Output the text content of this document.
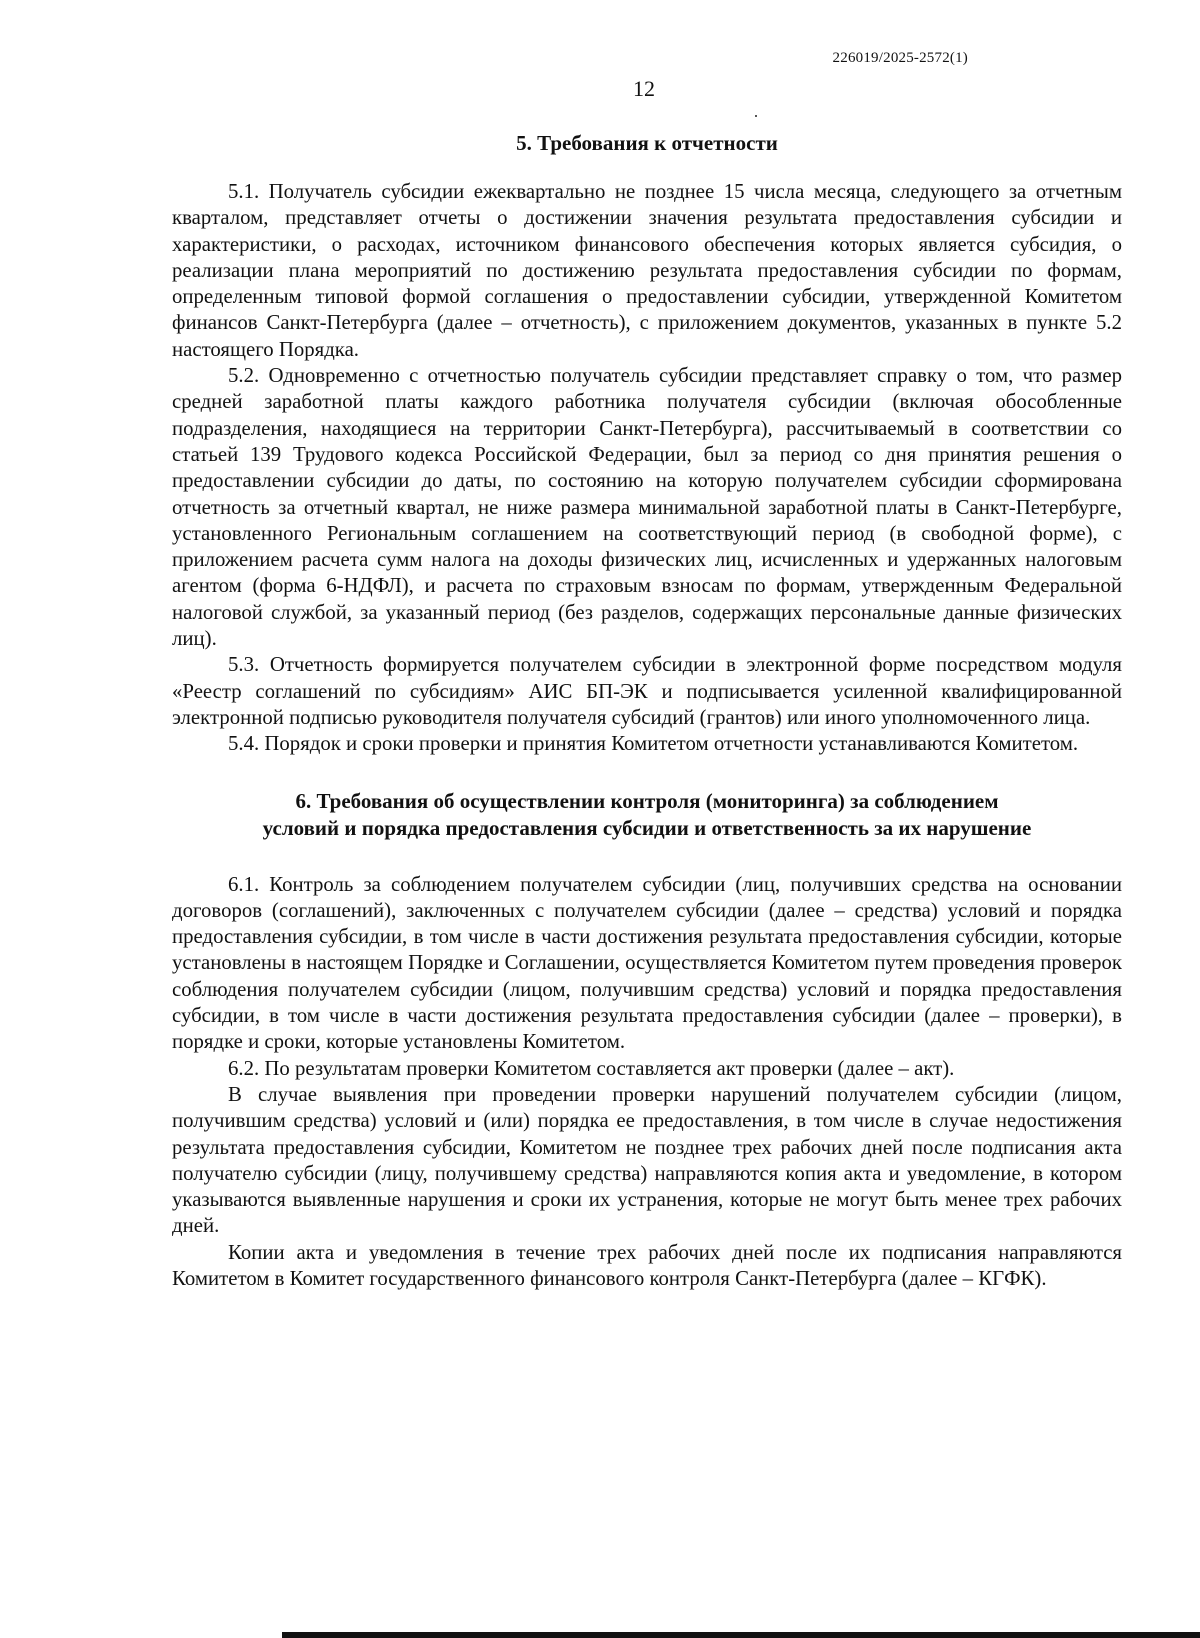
226019/2025-2572(1)
12
5. Требования к отчетности

5.1. Получатель субсидии ежеквартально не позднее 15 числа месяца, следующего за отчетным кварталом, представляет отчеты о достижении значения результата предоставления субсидии и характеристики, о расходах, источником финансового обеспечения которых является субсидия, о реализации плана мероприятий по достижению результата предоставления субсидии по формам, определенным типовой формой соглашения о предоставлении субсидии, утвержденной Комитетом финансов Санкт-Петербурга (далее – отчетность), с приложением документов, указанных в пункте 5.2 настоящего Порядка.

5.2. Одновременно с отчетностью получатель субсидии представляет справку о том, что размер средней заработной платы каждого работника получателя субсидии (включая обособленные подразделения, находящиеся на территории Санкт-Петербурга), рассчитываемый в соответствии со статьей 139 Трудового кодекса Российской Федерации, был за период со дня принятия решения о предоставлении субсидии до даты, по состоянию на которую получателем субсидии сформирована отчетность за отчетный квартал, не ниже размера минимальной заработной платы в Санкт-Петербурге, установленного Региональным соглашением на соответствующий период (в свободной форме), с приложением расчета сумм налога на доходы физических лиц, исчисленных и удержанных налоговым агентом (форма 6-НДФЛ), и расчета по страховым взносам по формам, утвержденным Федеральной налоговой службой, за указанный период (без разделов, содержащих персональные данные физических лиц).

5.3. Отчетность формируется получателем субсидии в электронной форме посредством модуля «Реестр соглашений по субсидиям» АИС БП-ЭК и подписывается усиленной квалифицированной электронной подписью руководителя получателя субсидий (грантов) или иного уполномоченного лица.

5.4. Порядок и сроки проверки и принятия Комитетом отчетности устанавливаются Комитетом.

6. Требования об осуществлении контроля (мониторинга) за соблюдением
условий и порядка предоставления субсидии и ответственность за их нарушение

6.1. Контроль за соблюдением получателем субсидии (лиц, получивших средства на основании договоров (соглашений), заключенных с получателем субсидии (далее – средства) условий и порядка предоставления субсидии, в том числе в части достижения результата предоставления субсидии, которые установлены в настоящем Порядке и Соглашении, осуществляется Комитетом путем проведения проверок соблюдения получателем субсидии (лицом, получившим средства) условий и порядка предоставления субсидии, в том числе в части достижения результата предоставления субсидии (далее – проверки), в порядке и сроки, которые установлены Комитетом.

6.2. По результатам проверки Комитетом составляется акт проверки (далее – акт).

В случае выявления при проведении проверки нарушений получателем субсидии (лицом, получившим средства) условий и (или) порядка ее предоставления, в том числе в случае недостижения результата предоставления субсидии, Комитетом не позднее трех рабочих дней после подписания акта получателю субсидии (лицу, получившему средства) направляются копия акта и уведомление, в котором указываются выявленные нарушения и сроки их устранения, которые не могут быть менее трех рабочих дней.

Копии акта и уведомления в течение трех рабочих дней после их подписания направляются Комитетом в Комитет государственного финансового контроля Санкт-Петербурга (далее – КГФК).
